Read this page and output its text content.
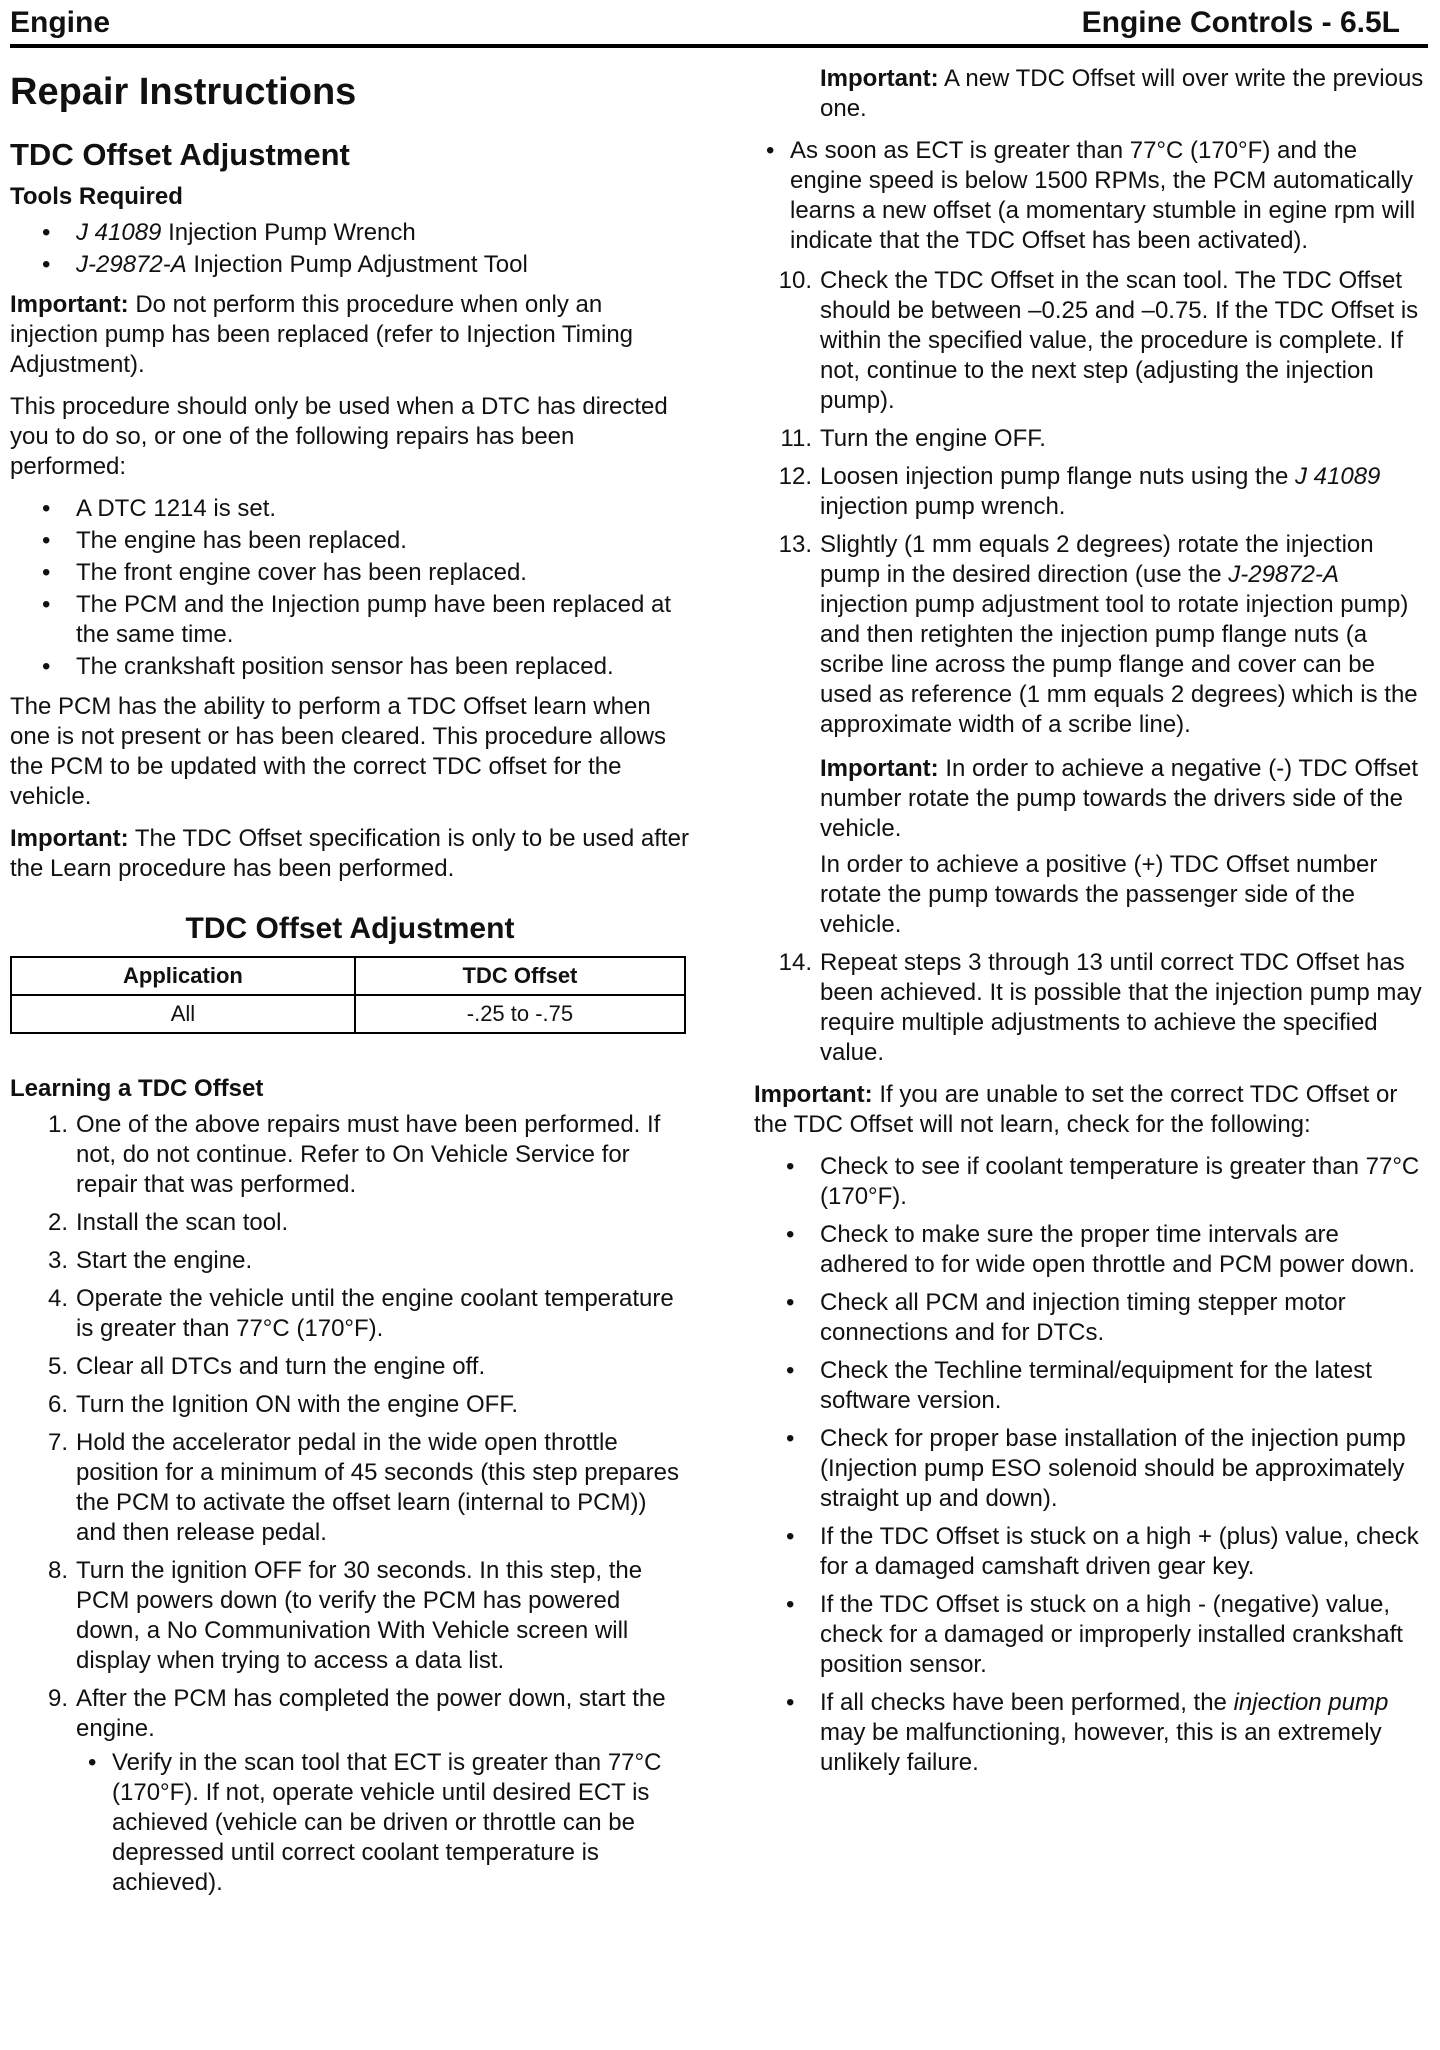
Engine	Engine Controls - 6.5L
Repair Instructions
TDC Offset Adjustment
Tools Required
• J 41089 Injection Pump Wrench
• J-29872-A Injection Pump Adjustment Tool

Important: Do not perform this procedure when only an injection pump has been replaced (refer to Injection Timing Adjustment).

This procedure should only be used when a DTC has directed you to do so, or one of the following repairs has been performed:

• A DTC 1214 is set.
• The engine has been replaced.
• The front engine cover has been replaced.
• The PCM and the Injection pump have been replaced at the same time.
• The crankshaft position sensor has been replaced.

The PCM has the ability to perform a TDC Offset learn when one is not present or has been cleared. This procedure allows the PCM to be updated with the correct TDC offset for the vehicle.

Important: The TDC Offset specification is only to be used after the Learn procedure has been performed.

TDC Offset Adjustment
Application	TDC Offset
All	-.25 to -.75
Learning a TDC Offset
1. One of the above repairs must have been performed. If not, do not continue. Refer to On Vehicle Service for repair that was performed.
2. Install the scan tool.
3. Start the engine.
4. Operate the vehicle until the engine coolant temperature is greater than 77°C (170°F).
5. Clear all DTCs and turn the engine off.
6. Turn the Ignition ON with the engine OFF.
7. Hold the accelerator pedal in the wide open throttle position for a minimum of 45 seconds (this step prepares the PCM to activate the offset learn (internal to PCM)) and then release pedal.
8. Turn the ignition OFF for 30 seconds. In this step, the PCM powers down (to verify the PCM has powered down, a No Communivation With Vehicle screen will display when trying to access a data list.
9. After the PCM has completed the power down, start the engine.
• Verify in the scan tool that ECT is greater than 77°C (170°F). If not, operate vehicle until desired ECT is achieved (vehicle can be driven or throttle can be depressed until correct coolant temperature is achieved).

Important: A new TDC Offset will over write the previous one.

• As soon as ECT is greater than 77°C (170°F) and the engine speed is below 1500 RPMs, the PCM automatically learns a new offset (a momentary stumble in egine rpm will indicate that the TDC Offset has been activated).
10. Check the TDC Offset in the scan tool. The TDC Offset should be between –0.25 and –0.75. If the TDC Offset is within the specified value, the procedure is complete. If not, continue to the next step (adjusting the injection pump).
11. Turn the engine OFF.
12. Loosen injection pump flange nuts using the J 41089 injection pump wrench.
13. Slightly (1 mm equals 2 degrees) rotate the injection pump in the desired direction (use the J-29872-A injection pump adjustment tool to rotate injection pump) and then retighten the injection pump flange nuts (a scribe line across the pump flange and cover can be used as reference (1 mm equals 2 degrees) which is the approximate width of a scribe line).

Important: In order to achieve a negative (-) TDC Offset number rotate the pump towards the drivers side of the vehicle.

In order to achieve a positive (+) TDC Offset number rotate the pump towards the passenger side of the vehicle.

14. Repeat steps 3 through 13 until correct TDC Offset has been achieved. It is possible that the injection pump may require multiple adjustments to achieve the specified value.

Important: If you are unable to set the correct TDC Offset or the TDC Offset will not learn, check for the following:

• Check to see if coolant temperature is greater than 77°C (170°F).
• Check to make sure the proper time intervals are adhered to for wide open throttle and PCM power down.
• Check all PCM and injection timing stepper motor connections and for DTCs.
• Check the Techline terminal/equipment for the latest software version.
• Check for proper base installation of the injection pump (Injection pump ESO solenoid should be approximately straight up and down).
• If the TDC Offset is stuck on a high + (plus) value, check for a damaged camshaft driven gear key.
• If the TDC Offset is stuck on a high - (negative) value, check for a damaged or improperly installed crankshaft position sensor.
• If all checks have been performed, the injection pump may be malfunctioning, however, this is an extremely unlikely failure.
